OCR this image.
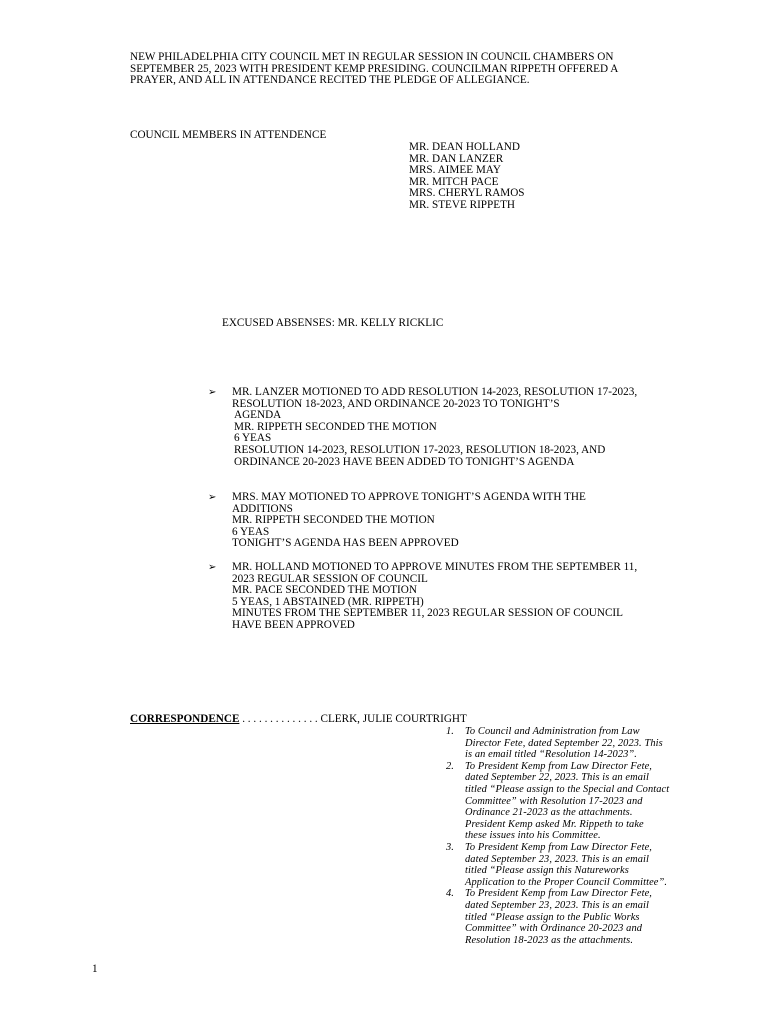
NEW PHILADELPHIA CITY COUNCIL MET IN REGULAR SESSION IN COUNCIL CHAMBERS ON
SEPTEMBER 25, 2023 WITH PRESIDENT KEMP PRESIDING. COUNCILMAN RIPPETH OFFERED A
PRAYER, AND ALL IN ATTENDANCE RECITED THE PLEDGE OF ALLEGIANCE.
COUNCIL MEMBERS IN ATTENDENCE
MR. DEAN HOLLAND
MR. DAN LANZER
MRS. AIMEE MAY
MR. MITCH PACE
MRS. CHERYL RAMOS
MR. STEVE RIPPETH
EXCUSED ABSENSES: MR. KELLY RICKLIC
➢ MR. LANZER MOTIONED TO ADD RESOLUTION 14-2023, RESOLUTION 17-2023,
RESOLUTION 18-2023, AND ORDINANCE 20-2023 TO TONIGHT’S
AGENDA
MR. RIPPETH SECONDED THE MOTION
6 YEAS
RESOLUTION 14-2023, RESOLUTION 17-2023, RESOLUTION 18-2023, AND
ORDINANCE 20-2023 HAVE BEEN ADDED TO TONIGHT’S AGENDA
➢ MRS. MAY MOTIONED TO APPROVE TONIGHT’S AGENDA WITH THE
ADDITIONS
MR. RIPPETH SECONDED THE MOTION
6 YEAS
TONIGHT’S AGENDA HAS BEEN APPROVED
➢ MR. HOLLAND MOTIONED TO APPROVE MINUTES FROM THE SEPTEMBER 11,
2023 REGULAR SESSION OF COUNCIL
MR. PACE SECONDED THE MOTION
5 YEAS, 1 ABSTAINED (MR. RIPPETH)
MINUTES FROM THE SEPTEMBER 11, 2023 REGULAR SESSION OF COUNCIL
HAVE BEEN APPROVED
CORRESPONDENCE . . . . . . . . . . . . . . CLERK, JULIE COURTRIGHT
1. To Council and Administration from Law
Director Fete, dated September 22, 2023. This
is an email titled “Resolution 14-2023”.
2. To President Kemp from Law Director Fete,
dated September 22, 2023. This is an email
titled “Please assign to the Special and Contact
Committee” with Resolution 17-2023 and
Ordinance 21-2023 as the attachments.
President Kemp asked Mr. Rippeth to take
these issues into his Committee.
3. To President Kemp from Law Director Fete,
dated September 23, 2023. This is an email
titled “Please assign this Natureworks
Application to the Proper Council Committee”.
4. To President Kemp from Law Director Fete,
dated September 23, 2023. This is an email
titled “Please assign to the Public Works
Committee” with Ordinance 20-2023 and
Resolution 18-2023 as the attachments.
1
